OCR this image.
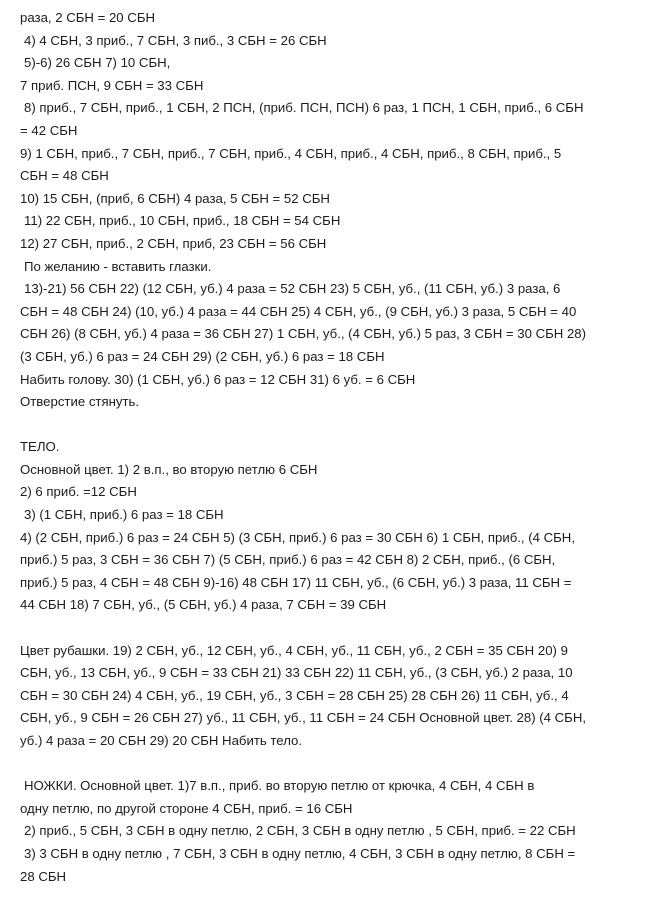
раза, 2 СБН = 20 СБН
4) 4 СБН, 3 приб., 7 СБН, 3 пиб., 3 СБН = 26 СБН
5)-6) 26 СБН 7) 10 СБН,
7 приб. ПСН, 9 СБН = 33 СБН
8) приб., 7 СБН, приб., 1 СБН, 2 ПСН, (приб. ПСН, ПСН) 6 раз, 1 ПСН, 1 СБН, приб., 6 СБН
= 42 СБН
9) 1 СБН, приб., 7 СБН, приб., 7 СБН, приб., 4 СБН, приб., 4 СБН, приб., 8 СБН, приб., 5
СБН = 48 СБН
10) 15 СБН, (приб, 6 СБН) 4 раза, 5 СБН = 52 СБН
11) 22 СБН, приб., 10 СБН, приб., 18 СБН = 54 СБН
12) 27 СБН, приб., 2 СБН, приб, 23 СБН = 56 СБН
По желанию - вставить глазки.
13)-21) 56 СБН 22) (12 СБН, уб.) 4 раза = 52 СБН 23) 5 СБН, уб., (11 СБН, уб.) 3 раза, 6
СБН = 48 СБН 24) (10, уб.) 4 раза = 44 СБН 25) 4 СБН, уб., (9 СБН, уб.) 3 раза, 5 СБН = 40
СБН 26) (8 СБН, уб.) 4 раза = 36 СБН 27) 1 СБН, уб., (4 СБН, уб.) 5 раз, 3 СБН = 30 СБН 28)
(3 СБН, уб.) 6 раз = 24 СБН 29) (2 СБН, уб.) 6 раз = 18 СБН
Набить голову. 30) (1 СБН, уб.) 6 раз = 12 СБН 31) 6 уб. = 6 СБН
Отверстие стянуть.
ТЕЛО.
Основной цвет. 1) 2 в.п., во вторую петлю 6 СБН
2) 6 приб. =12 СБН
3) (1 СБН, приб.) 6 раз = 18 СБН
4) (2 СБН, приб.) 6 раз = 24 СБН 5) (3 СБН, приб.) 6 раз = 30 СБН 6) 1 СБН, приб., (4 СБН,
приб.) 5 раз, 3 СБН = 36 СБН 7) (5 СБН, приб.) 6 раз = 42 СБН 8) 2 СБН, приб., (6 СБН,
приб.) 5 раз, 4 СБН = 48 СБН 9)-16) 48 СБН 17) 11 СБН, уб., (6 СБН, уб.) 3 раза, 11 СБН =
44 СБН 18) 7 СБН, уб., (5 СБН, уб.) 4 раза, 7 СБН = 39 СБН
Цвет рубашки. 19) 2 СБН, уб., 12 СБН, уб., 4 СБН, уб., 11 СБН, уб., 2 СБН = 35 СБН 20) 9
СБН, уб., 13 СБН, уб., 9 СБН = 33 СБН 21) 33 СБН 22) 11 СБН, уб., (3 СБН, уб.) 2 раза, 10
СБН = 30 СБН 24) 4 СБН, уб., 19 СБН, уб., 3 СБН = 28 СБН 25) 28 СБН 26) 11 СБН, уб., 4
СБН, уб., 9 СБН = 26 СБН 27) уб., 11 СБН, уб., 11 СБН = 24 СБН Основной цвет. 28) (4 СБН,
уб.) 4 раза = 20 СБН 29) 20 СБН Набить тело.
НОЖКИ. Основной цвет. 1)7 в.п., приб. во вторую петлю от крючка, 4 СБН, 4 СБН в
одну петлю, по другой стороне 4 СБН, приб. = 16 СБН
2) приб., 5 СБН, 3 СБН в одну петлю, 2 СБН, 3 СБН в одну петлю , 5 СБН, приб. = 22 СБН
3) 3 СБН в одну петлю , 7 СБН, 3 СБН в одну петлю, 4 СБН, 3 СБН в одну петлю, 8 СБН =
28 СБН
